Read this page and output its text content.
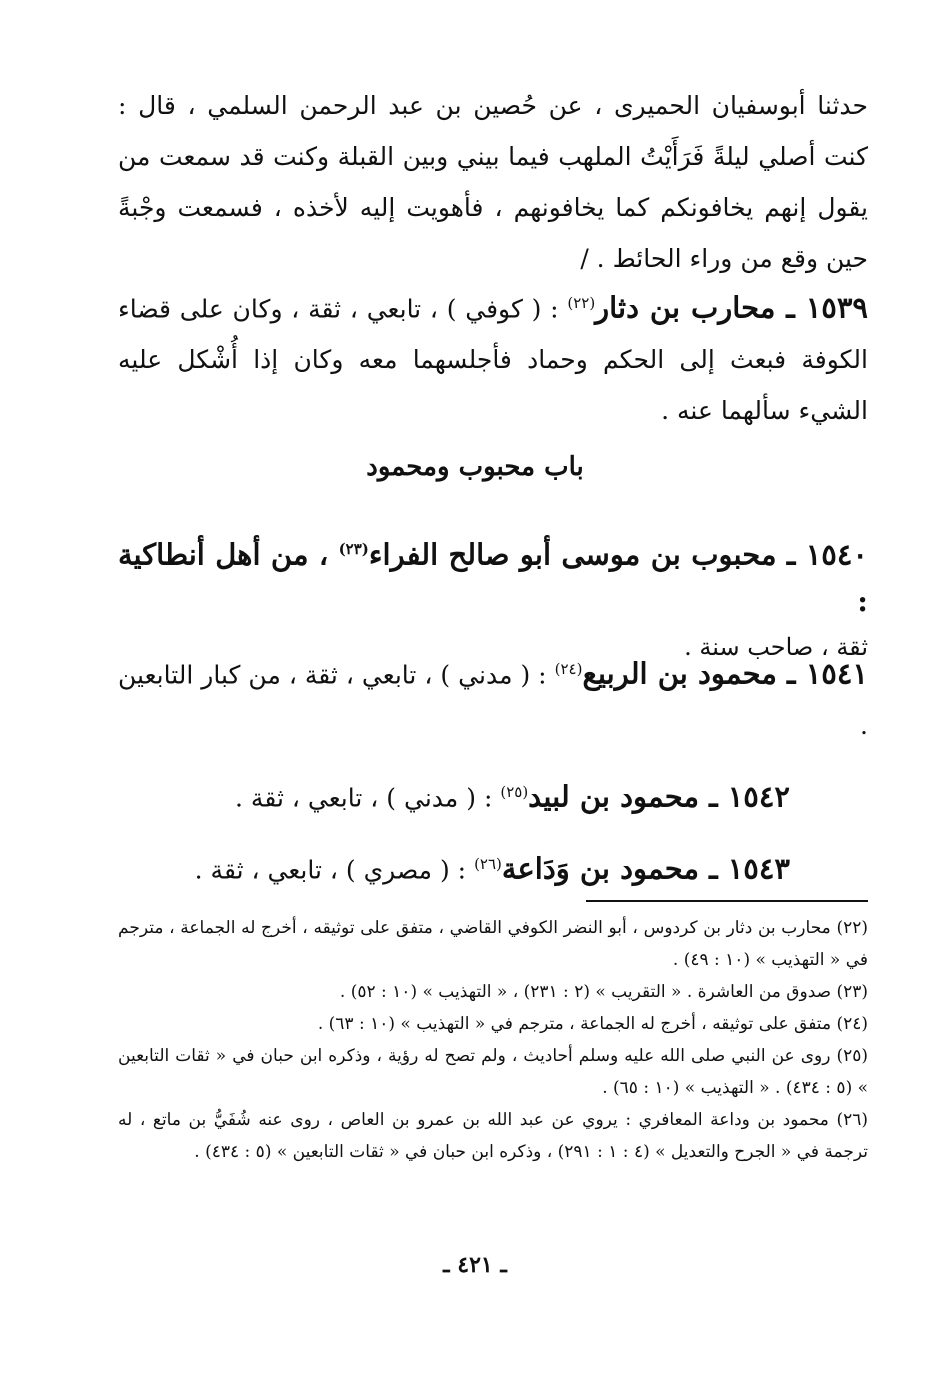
حدثنا أبوسفيان الحميرى ، عن حُصين بن عبد الرحمن السلمي ، قال : كنت أصلي ليلةً فَرَأَيْتُ الملهب فيما بيني وبين القبلة وكنت قد سمعت من يقول إنهم يخافونكم كما يخافونهم ، فأهويت إليه لأخذه ، فسمعت وجْبةً حين وقع من وراء الحائط . /
١٥٣٩ ـ محارب بن دثار$^{(٢٢)}$ : ( كوفي ) ، تابعي ، ثقة ، وكان على قضاء الكوفة فبعث إلى الحكم وحماد فأجلسهما معه وكان إذا أُشْكل عليه الشيء سألهما عنه .
باب محبوب ومحمود
١٥٤٠ ـ محبوب بن موسى أبو صالح الفراء$^{(٢٣)}$ ، من أهل أنطاكية :
ثقة ، صاحب سنة .
١٥٤١ ـ محمود بن الربيع$^{(٢٤)}$ : ( مدني ) ، تابعي ، ثقة ، من كبار التابعين .
١٥٤٢ ـ محمود بن لبيد$^{(٢٥)}$ : ( مدني ) ، تابعي ، ثقة .
١٥٤٣ ـ محمود بن وَدَاعة$^{(٢٦)}$ : ( مصري ) ، تابعي ، ثقة .
(٢٢) محارب بن دثار بن كردوس ، أبو النضر الكوفي القاضي ، متفق على توثيقه ، أخرج له الجماعة ، مترجم في « التهذيب » (١٠ : ٤٩) .
(٢٣) صدوق من العاشرة . « التقريب » (٢ : ٢٣١) ، « التهذيب » (١٠ : ٥٢) .
(٢٤) متفق على توثيقه ، أخرج له الجماعة ، مترجم في « التهذيب » (١٠ : ٦٣) .
(٢٥) روى عن النبي صلى الله عليه وسلم أحاديث ، ولم تصح له رؤية ، وذكره ابن حبان في « ثقات التابعين » (٥ : ٤٣٤) . « التهذيب » (١٠ : ٦٥) .
(٢٦) محمود بن وداعة المعافري : يروي عن عبد الله بن عمرو بن العاص ، روى عنه شُفَيُّ بن ماتع ، له ترجمة في « الجرح والتعديل » (٤ : ١ : ٢٩١) ، وذكره ابن حبان في « ثقات التابعين » (٥ : ٤٣٤) .
ـ ٤٢١ ـ
